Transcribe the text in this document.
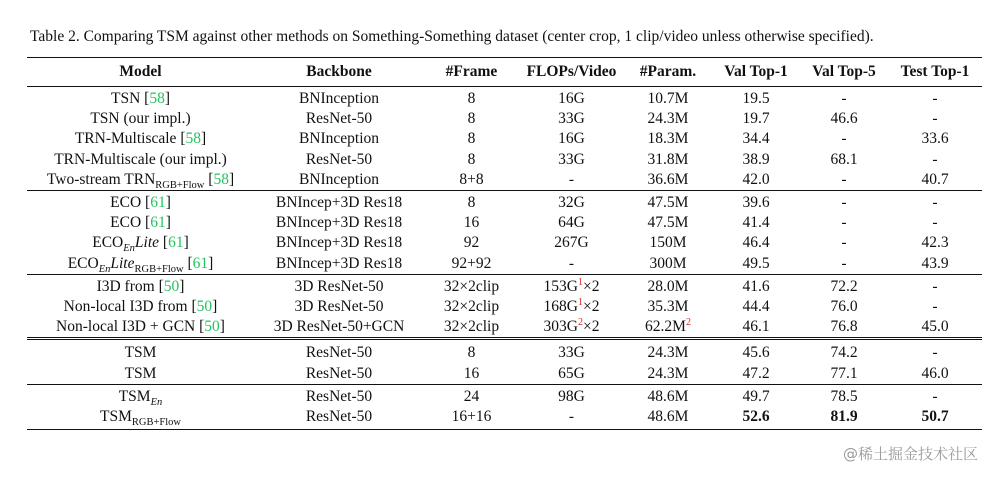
Table 2. Comparing TSM against other methods on Something-Something dataset (center crop, 1 clip/video unless otherwise specified).
Model	Backbone	#Frame	FLOPs/Video	#Param.	Val Top-1	Val Top-5	Test Top-1
TSN [58]	BNInception	8	16G	10.7M	19.5	-	-
TSN (our impl.)	ResNet-50	8	33G	24.3M	19.7	46.6	-
TRN-Multiscale [58]	BNInception	8	16G	18.3M	34.4	-	33.6
TRN-Multiscale (our impl.)	ResNet-50	8	33G	31.8M	38.9	68.1	-
Two-stream $TRN_{RGB+Flow}$ [58]	BNInception	8+8	-	36.6M	42.0	-	40.7
ECO [61]	BNIncep+3D Res18	8	32G	47.5M	39.6	-	-
ECO [61]	BNIncep+3D Res18	16	64G	47.5M	41.4	-	-
$ECO_{En}Lite$ [61]	BNIncep+3D Res18	92	267G	150M	46.4	-	42.3
$ECO_{En}Lite_{RGB+Flow}$ [61]	BNIncep+3D Res18	92+92	-	300M	49.5	-	43.9
I3D from [50]	3D ResNet-50	32×2clip	$153G^1\times 2$	28.0M	41.6	72.2	-
Non-local I3D from [50]	3D ResNet-50	32×2clip	$168G^1\times 2$	35.3M	44.4	76.0	-
Non-local I3D + GCN [50]	3D ResNet-50+GCN	32×2clip	$303G^2\times 2$	$62.2M^2$	46.1	76.8	45.0
TSM	ResNet-50	8	33G	24.3M	45.6	74.2	-
TSM	ResNet-50	16	65G	24.3M	47.2	77.1	46.0
$TSM_{En}$	ResNet-50	24	98G	48.6M	49.7	78.5	-
$TSM_{RGB+Flow}$	ResNet-50	16+16	-	48.6M	52.6	81.9	50.7
@稀土掘金技术社区
